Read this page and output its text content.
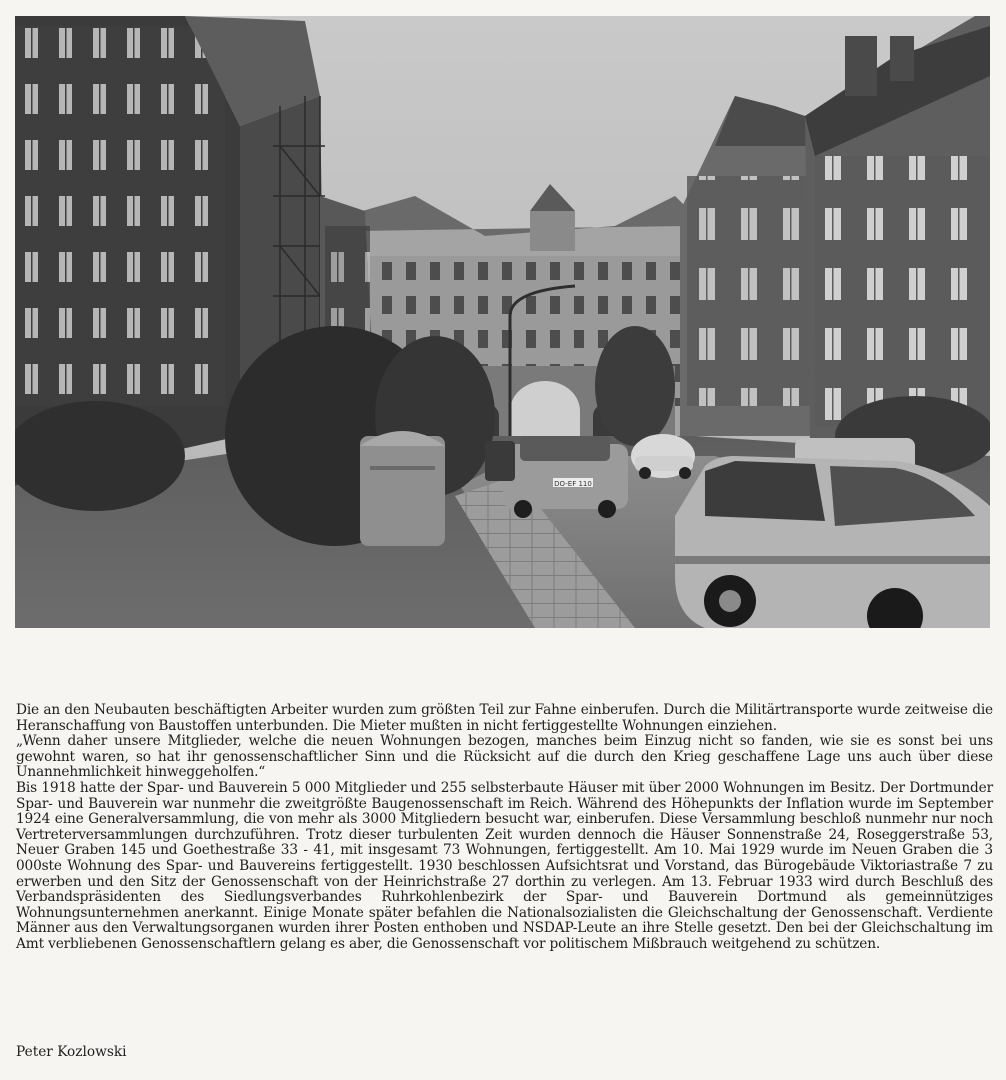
DO-EF 110

Die an den Neubauten beschäftigten Arbeiter wurden zum größten Teil zur Fahne einberufen. Durch die Militärtransporte wurde zeitweise die Heranschaffung von Baustoffen unterbunden. Die Mieter mußten in nicht fertiggestellte Wohnungen einziehen.

„Wenn daher unsere Mitglieder, welche die neuen Wohnungen bezogen, manches beim Einzug nicht so fanden, wie sie es sonst bei uns gewohnt waren, so hat ihr genossenschaftlicher Sinn und die Rücksicht auf die durch den Krieg geschaffene Lage uns auch über diese Unannehmlichkeit hinweggeholfen.“

Bis 1918 hatte der Spar- und Bauverein 5 000 Mitglieder und 255 selbsterbaute Häuser mit über 2000 Wohnungen im Besitz. Der Dortmunder Spar- und Bauverein war nunmehr die zweitgrößte Baugenossenschaft im Reich. Während des Höhepunkts der Inflation wurde im September 1924 eine Generalversammlung, die von mehr als 3000 Mitgliedern besucht war, einberufen. Diese Versammlung beschloß nunmehr nur noch Vertreterversammlungen durchzuführen. Trotz dieser turbulenten Zeit wurden dennoch die Häuser Sonnenstraße 24, Roseggerstraße 53, Neuer Graben 145 und Goethestraße 33 - 41, mit insgesamt 73 Wohnungen, fertiggestellt. Am 10. Mai 1929 wurde im Neuen Graben die 3 000ste Wohnung des Spar- und Bauvereins fertiggestellt. 1930 beschlossen Aufsichtsrat und Vorstand, das Bürogebäude Viktoriastraße 7 zu erwerben und den Sitz der Genossenschaft von der Heinrichstraße 27 dorthin zu verlegen. Am 13. Februar 1933 wird durch Beschluß des Verbandspräsidenten des Siedlungsverbandes Ruhrkohlenbezirk der Spar- und Bauverein Dortmund als gemeinnütziges Wohnungsunternehmen anerkannt. Einige Monate später befahlen die Nationalsozialisten die Gleichschaltung der Genossenschaft. Verdiente Männer aus den Verwaltungsorganen wurden ihrer Posten enthoben und NSDAP-Leute an ihre Stelle gesetzt. Den bei der Gleichschaltung im Amt verbliebenen Genossenschaftlern gelang es aber, die Genossenschaft vor politischem Mißbrauch weitgehend zu schützen.

Peter Kozlowski
